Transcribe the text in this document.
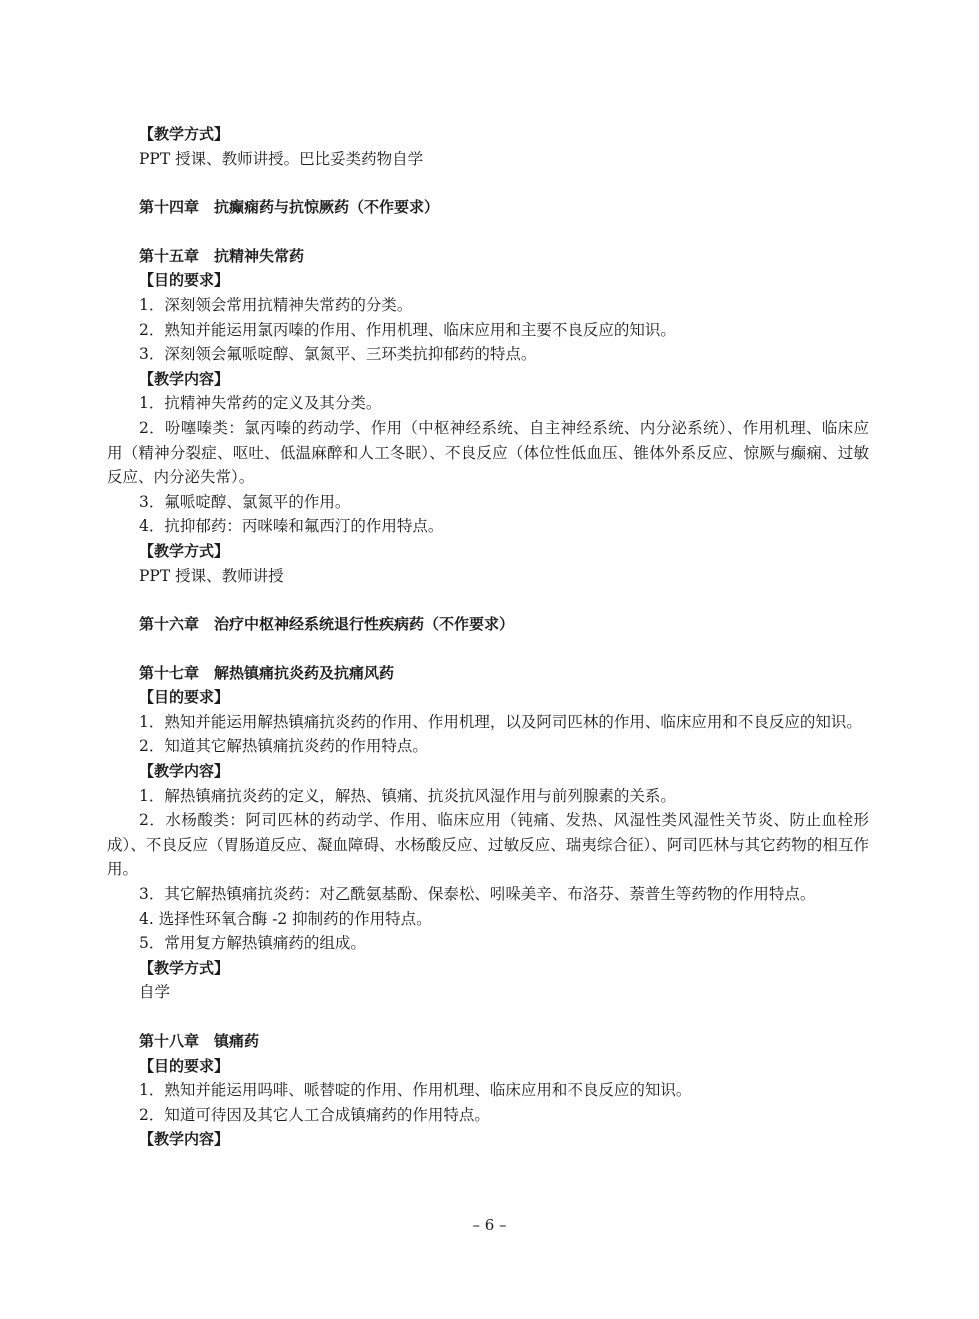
【教学方式】

PPT 授课、教师讲授。巴比妥类药物自学

第十四章　抗癫痫药与抗惊厥药（不作要求）

第十五章　抗精神失常药

【目的要求】

1．深刻领会常用抗精神失常药的分类。

2．熟知并能运用氯丙嗪的作用、作用机理、临床应用和主要不良反应的知识。

3．深刻领会氟哌啶醇、氯氮平、三环类抗抑郁药的特点。

【教学内容】

1．抗精神失常药的定义及其分类。

2．吩噻嗪类：氯丙嗪的药动学、作用（中枢神经系统、自主神经系统、内分泌系统）、作用机理、临床应用（精神分裂症、呕吐、低温麻醉和人工冬眠）、不良反应（体位性低血压、锥体外系反应、惊厥与癫痫、过敏反应、内分泌失常）。

3．氟哌啶醇、氯氮平的作用。

4．抗抑郁药：丙咪嗪和氟西汀的作用特点。

【教学方式】

PPT 授课、教师讲授

第十六章　治疗中枢神经系统退行性疾病药（不作要求）

第十七章　解热镇痛抗炎药及抗痛风药

【目的要求】

1．熟知并能运用解热镇痛抗炎药的作用、作用机理，以及阿司匹林的作用、临床应用和不良反应的知识。

2．知道其它解热镇痛抗炎药的作用特点。

【教学内容】

1．解热镇痛抗炎药的定义，解热、镇痛、抗炎抗风湿作用与前列腺素的关系。

2．水杨酸类：阿司匹林的药动学、作用、临床应用（钝痛、发热、风湿性类风湿性关节炎、防止血栓形成）、不良反应（胃肠道反应、凝血障碍、水杨酸反应、过敏反应、瑞夷综合征）、阿司匹林与其它药物的相互作用。

3．其它解热镇痛抗炎药：对乙酰氨基酚、保泰松、吲哚美辛、布洛芬、萘普生等药物的作用特点。

4. 选择性环氧合酶 -2 抑制药的作用特点。

5．常用复方解热镇痛药的组成。

【教学方式】

自学

第十八章　镇痛药

【目的要求】

1．熟知并能运用吗啡、哌替啶的作用、作用机理、临床应用和不良反应的知识。

2．知道可待因及其它人工合成镇痛药的作用特点。

【教学内容】

– 6 –
